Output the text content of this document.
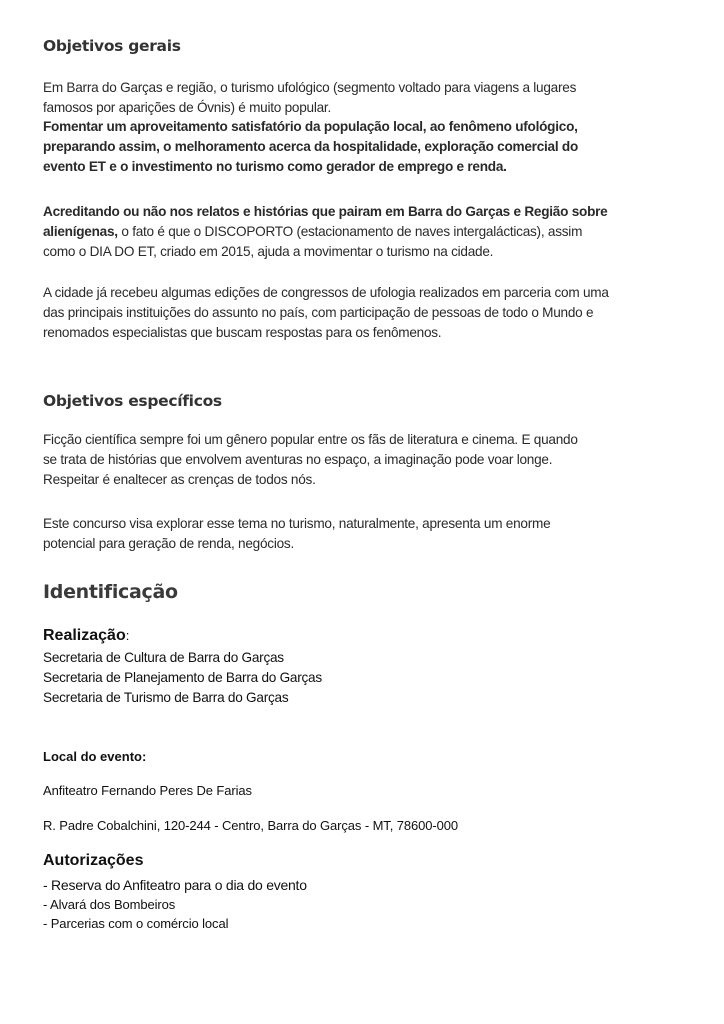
Objetivos gerais
Em Barra do Garças e região, o turismo ufológico (segmento voltado para viagens a lugares
famosos por aparições de Óvnis) é muito popular.
Fomentar um aproveitamento satisfatório da população local, ao fenômeno ufológico,
preparando assim, o melhoramento acerca da hospitalidade, exploração comercial do
evento ET e o investimento no turismo como gerador de emprego e renda.
Acreditando ou não nos relatos e histórias que pairam em Barra do Garças e Região sobre
alienígenas, o fato é que o DISCOPORTO (estacionamento de naves intergalácticas), assim
como o DIA DO ET, criado em 2015, ajuda a movimentar o turismo na cidade.
A cidade já recebeu algumas edições de congressos de ufologia realizados em parceria com uma
das principais instituições do assunto no país, com participação de pessoas de todo o Mundo e
renomados especialistas que buscam respostas para os fenômenos.
Objetivos específicos
Ficção científica sempre foi um gênero popular entre os fãs de literatura e cinema. E quando
se trata de histórias que envolvem aventuras no espaço, a imaginação pode voar longe.
Respeitar é enaltecer as crenças de todos nós.
Este concurso visa explorar esse tema no turismo, naturalmente, apresenta um enorme
potencial para geração de renda, negócios.
Identificação
Realização:
Secretaria de Cultura de Barra do Garças
Secretaria de Planejamento de Barra do Garças
Secretaria de Turismo de Barra do Garças
Local do evento:
Anfiteatro Fernando Peres De Farias
R. Padre Cobalchini, 120-244 - Centro, Barra do Garças - MT, 78600-000
Autorizações
- Reserva do Anfiteatro para o dia do evento
- Alvará dos Bombeiros
- Parcerias com o comércio local
